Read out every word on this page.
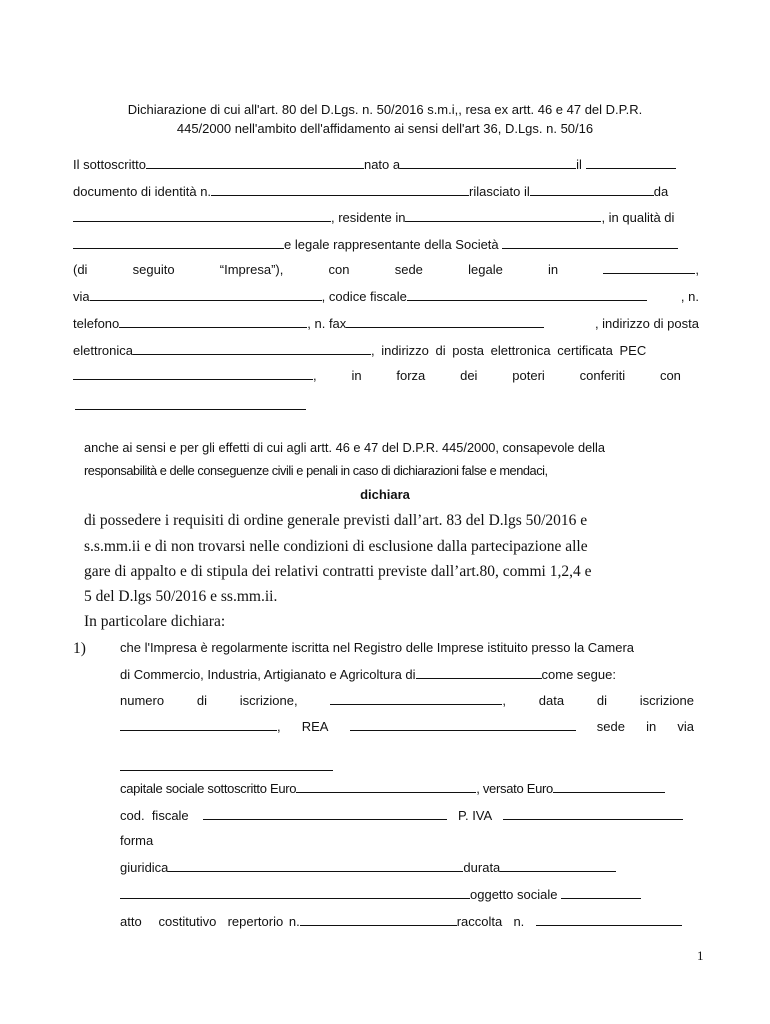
Dichiarazione di cui all'art. 80 del D.Lgs. n. 50/2016 s.m.i,, resa ex artt. 46 e 47 del D.P.R.
445/2000 nell'ambito dell'affidamento ai sensi dell'art 36, D.Lgs. n. 50/16
Il sottoscritto	nato a	il
documento di identità n.	rilasciato il	da
, residente in	, in qualità di
e legale rappresentante della Società
(di	seguito	“Impresa”),	con	sede	legale	in	,
via	, codice fiscale	, n.
telefono	, n. fax	, indirizzo di posta
elettronica	, indirizzo di posta elettronica certificata PEC
,	in	forza	dei	poteri	conferiti	con
anche ai sensi e per gli effetti di cui agli artt. 46 e 47 del D.P.R. 445/2000, consapevole della
responsabilità e delle conseguenze civili e penali in caso di dichiarazioni false e mendaci,
dichiara
di possedere i requisiti di ordine generale previsti dall’art. 83 del D.lgs 50/2016 e
s.s.mm.ii e di non trovarsi nelle condizioni di esclusione dalla partecipazione alle
gare di appalto e di stipula dei relativi contratti previste dall’art.80, commi 1,2,4 e
5 del D.lgs 50/2016 e ss.mm.ii.
In particolare dichiara:
1)	che l'Impresa è regolarmente iscritta nel Registro delle Imprese istituito presso la Camera
di Commercio, Industria, Artigianato e Agricoltura di	come segue:
numero	di	iscrizione,	,	data	di	iscrizione
, REA	sede in via
capitale sociale sottoscritto Euro	, versato Euro
cod. fiscale	P. IVA
forma
giuridica	durata
oggetto sociale
atto costitutivo repertorio n.	raccolta n.
1
